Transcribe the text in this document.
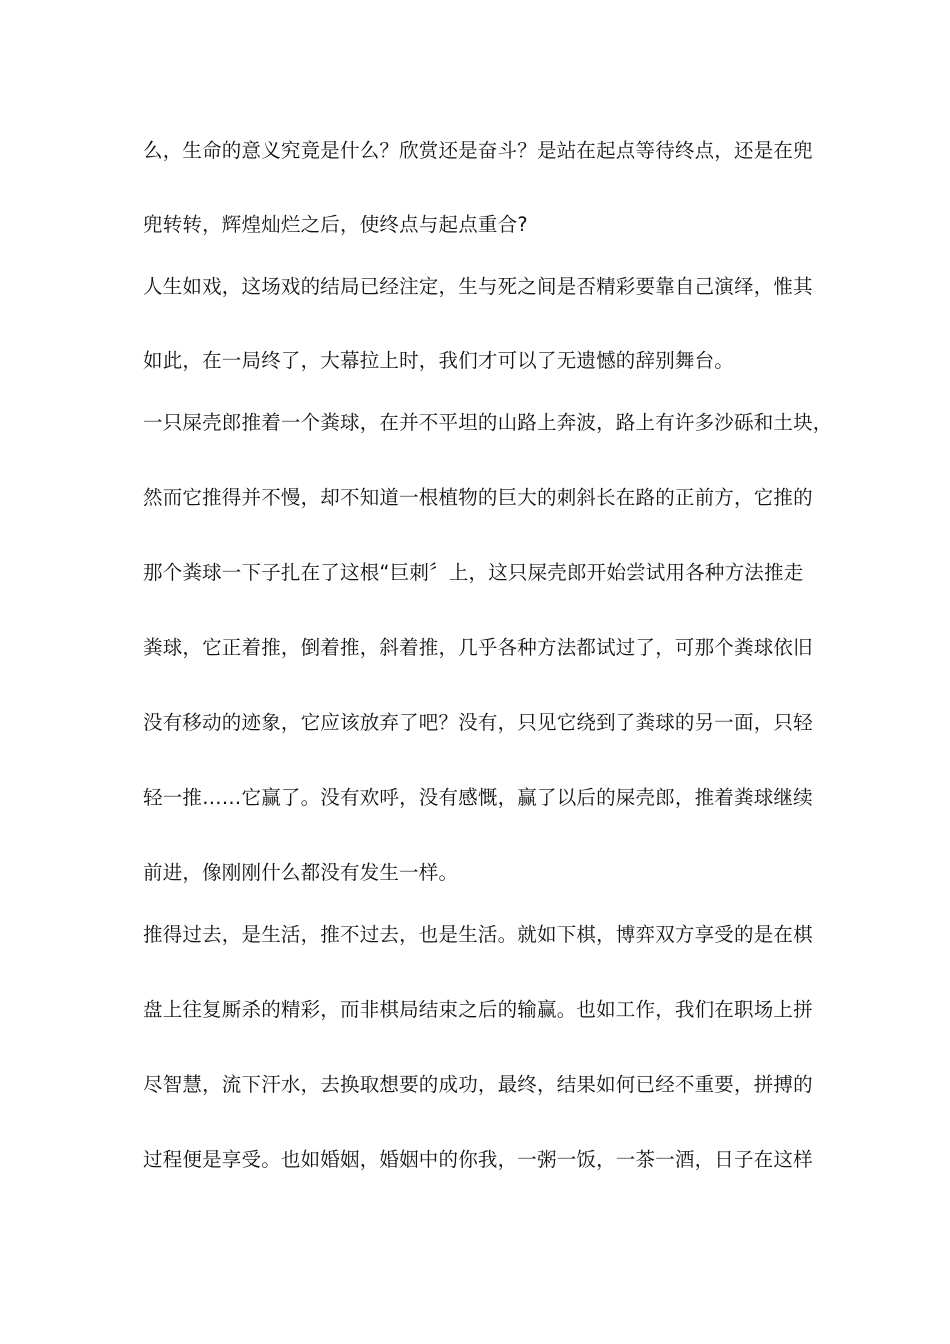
么，生命的意义究竟是什么？欣赏还是奋斗？是站在起点等待终点，还是在兜
兜转转，辉煌灿烂之后，使终点与起点重合?
人生如戏，这场戏的结局已经注定，生与死之间是否精彩要靠自己演绎，惟其
如此，在一局终了，大幕拉上时，我们才可以了无遗憾的辞别舞台。
一只屎壳郎推着一个粪球，在并不平坦的山路上奔波，路上有许多沙砾和土块，
然而它推得并不慢，却不知道一根植物的巨大的刺斜长在路的正前方，它推的
那个粪球一下子扎在了这根“巨刺〞上，这只屎壳郎开始尝试用各种方法推走
粪球，它正着推，倒着推，斜着推，几乎各种方法都试过了，可那个粪球依旧
没有移动的迹象，它应该放弃了吧？没有，只见它绕到了粪球的另一面，只轻
轻一推……它赢了。没有欢呼，没有感慨，赢了以后的屎壳郎，推着粪球继续
前进，像刚刚什么都没有发生一样。
推得过去，是生活，推不过去，也是生活。就如下棋，博弈双方享受的是在棋
盘上往复厮杀的精彩，而非棋局结束之后的输赢。也如工作，我们在职场上拼
尽智慧，流下汗水，去换取想要的成功，最终，结果如何已经不重要，拼搏的
过程便是享受。也如婚姻，婚姻中的你我，一粥一饭，一茶一酒，日子在这样
